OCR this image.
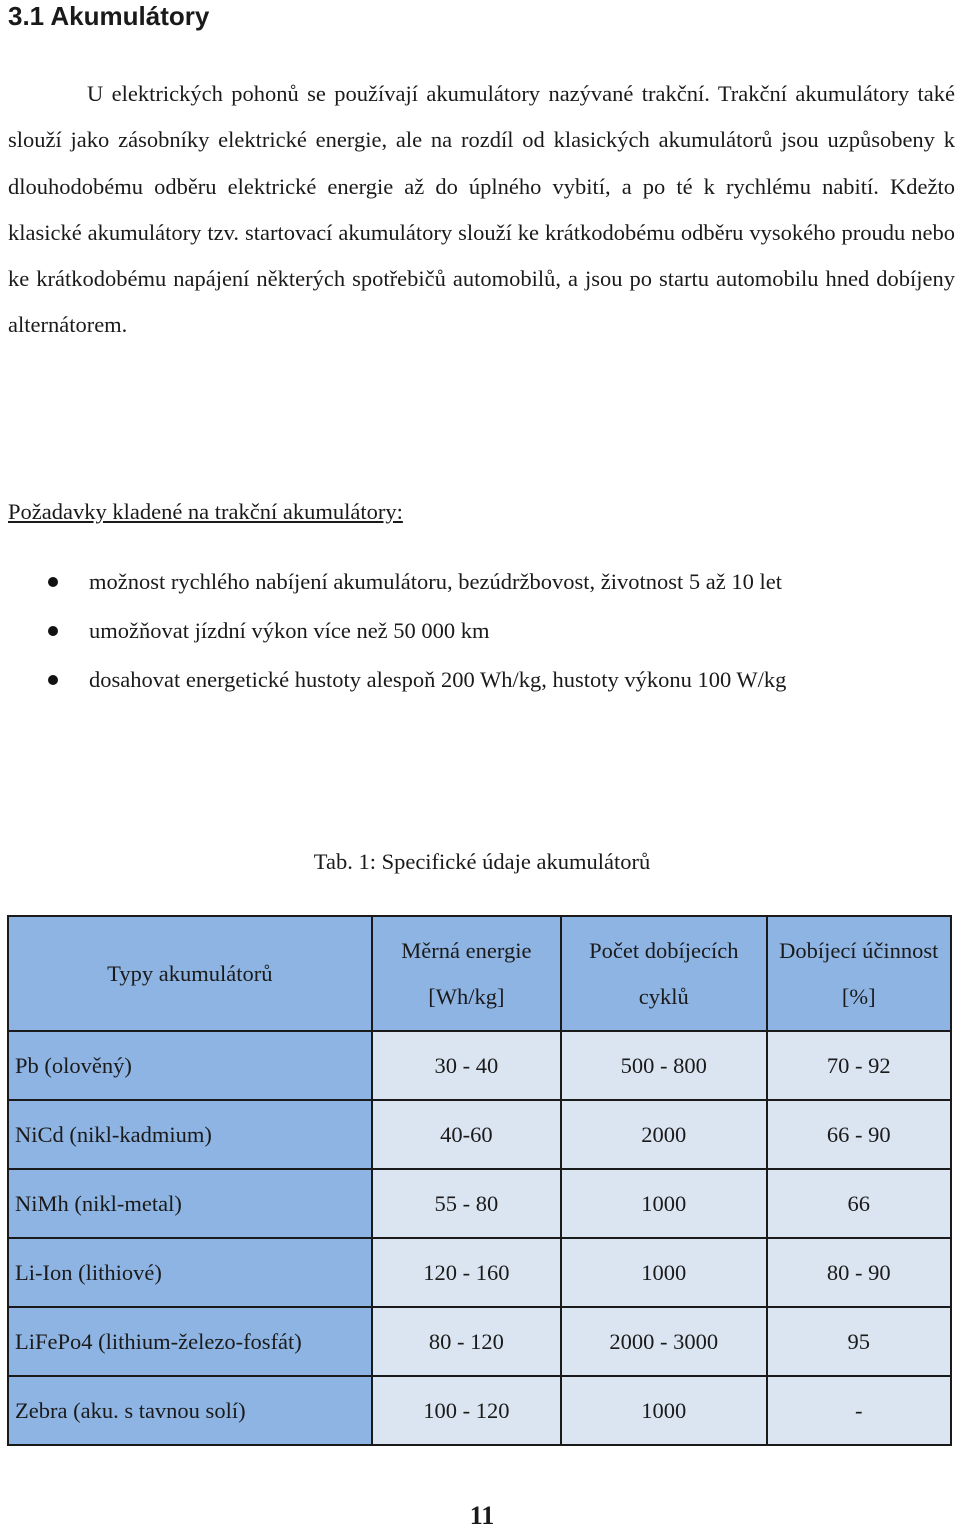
3.1 Akumulátory

U elektrických pohonů se používají akumulátory nazývané trakční. Trakční akumulátory také slouží jako zásobníky elektrické energie, ale na rozdíl od klasických akumulátorů jsou uzpůsobeny k dlouhodobému odběru elektrické energie až do úplného vybití, a po té k rychlému nabití. Kdežto klasické akumulátory tzv. startovací akumulátory slouží ke krátkodobému odběru vysokého proudu nebo ke krátkodobému napájení některých spotřebičů automobilů, a jsou po startu automobilu hned dobíjeny alternátorem.

Požadavky kladené na trakční akumulátory:

možnost rychlého nabíjení akumulátoru, bezúdržbovost, životnost 5 až 10 let
umožňovat jízdní výkon více než 50 000 km
dosahovat energetické hustoty alespoň 200 Wh/kg, hustoty výkonu 100 W/kg

Tab. 1: Specifické údaje akumulátorů

Typy akumulátorů	Měrná energie [Wh/kg]	Počet dobíjecích cyklů	Dobíjecí účinnost [%]
Pb (olověný)	30 - 40	500 - 800	70 - 92
NiCd (nikl-kadmium)	40-60	2000	66 - 90
NiMh (nikl-metal)	55 - 80	1000	66
Li-Ion (lithiové)	120 - 160	1000	80 - 90
LiFePo4 (lithium-železo-fosfát)	80 - 120	2000 - 3000	95
Zebra (aku. s tavnou solí)	100 - 120	1000	-

11
